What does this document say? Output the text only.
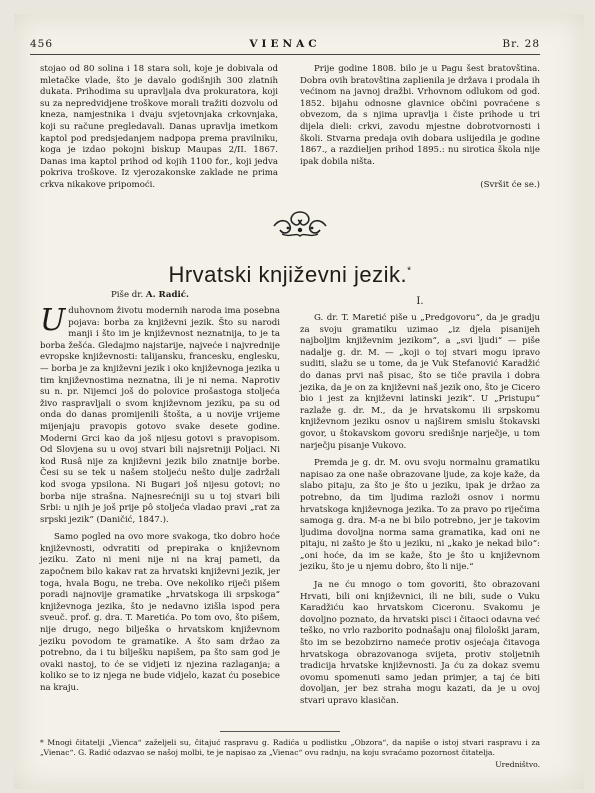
456	VIENAC	Br. 28

stojao od 80 solina i 18 stara soli, koje je dobivala od mletačke vlade, što je davalo godišnjih 300 zlatnih dukata. Prihodima su upravljala dva prokuratora, koji su za nepredvidjene troškove morali tražiti dozvolu od kneza, namjestnika i dvaju svjetovnjaka crkovnjaka, koji su račune pregledavali. Danas upravlja imetkom kaptol pod predsjedanjem nadpopa prema pravilniku, koga je izdao pokojni biskup Maupas 2/II. 1867. Danas ima kaptol prihod od kojih 1100 for., koji jedva pokriva troškove. Iz vjerozakonske zaklade ne prima crkva nikakove pripomoći.

Prije godine 1808. bilo je u Pagu šest bratovština. Dobra ovih bratovština zaplienila je država i prodala ih većinom na javnoj dražbi. Vrhovnom odlukom od god. 1852. bijahu odnosne glavnice občini povraćene s obvezom, da s njima upravlja i čiste prihode u tri dijela dieli: crkvi, zavodu mjestne dobrotvornosti i školi. Stvarna predaja ovih dobara uslijedila je godine 1867., a razdieljen prihod 1895.: nu sirotica škola nije ipak dobila ništa.

(Svršit će se.)
Hrvatski književni jezik.*
Piše dr. A. Radić.
I.

Uduhovnom životu modernih naroda ima posebna pojava: borba za književni jezik. Što su narodi manji i što im je književnost neznatnija, to je ta borba žešća. Gledajmo najstarije, najveće i najvrednije evropske književnosti: talijansku, francesku, englesku, — borba je za književni jezik i oko književnoga jezika u tim književnostima neznatna, ili je ni nema. Naprotiv su n. pr. Nijemci još do polovice prošastoga stoljeća živo raspravljali o svom književnom jeziku, pa su od onda do danas promijenili štošta, a u novije vrijeme mijenjaju pravopis gotovo svake desete godine. Moderni Grci kao da još nijesu gotovi s pravopisom. Od Slovjena su u ovoj stvari bili najsretniji Poljaci. Ni kod Rusâ nije za književni jezik bilo znatnije borbe. Česi su se tek u našem stoljeću nešto dulje zadržali kod svoga ypsilona. Ni Bugari još nijesu gotovi; no borba nije strašna. Najnesrećniji su u toj stvari bili Srbi: u njih je još prije pô stoljeća vladao pravi „rat za srpski jezik“ (Daničić, 1847.).

Samo pogled na ovo more svakoga, tko dobro hoće književnosti, odvratiti od prepiraka o književnom jeziku. Zato ni meni nije ni na kraj pameti, da započnem bilo kakav rat za hrvatski književni jezik, jer toga, hvala Bogu, ne treba. Ove nekoliko riječi pišem poradi najnovije gramatike „hrvatskoga ili srpskoga“ književnoga jezika, što je nedavno izišla ispod pera sveuč. prof. g. dra. T. Maretića. Po tom ovo, što pišem, nije drugo, nego bilješka o hrvatskom književnom jeziku povodom te gramatike. A što sam držao za potrebno, da i tu bilješku napišem, pa što sam god je ovaki nastoj, to će se vidjeti iz njezina razlaganja; a koliko se to iz njega ne bude vidjelo, kazat ću posebice na kraju.

G. dr. T. Maretić piše u „Predgovoru“, da je gradju za svoju gramatiku uzimao „iz djela pisanijeh najboljim književnim jezikom“, a „svi ljudi“ — piše nadalje g. dr. M. — „koji o toj stvari mogu ipravo suditi, slažu se u tome, da je Vuk Stefanović Karadžić do danas prvi naš pisac, što se tiče pravila i dobra jezika, da je on za književni naš jezik ono, što je Cicero bio i jest za književni latinski jezik“. U „Pristupu“ razlaže g. dr. M., da je hrvatskomu ili srpskomu književnom jeziku osnov u najširem smislu štokavski govor, u štokavskom govoru središnje narječje, u tom narječju pisanje Vukovo.

Premda je g. dr. M. ovu svoju normalnu gramatiku napisao za one naše obrazovane ljude, za koje kaže, da slabo pitaju, za što je što u jeziku, ipak je držao za potrebno, da tim ljudima razloži osnov i normu hrvatskoga književnoga jezika. To za pravo po riječima samoga g. dra. M-a ne bi bilo potrebno, jer je takovim ljudima dovoljna norma sama gramatika, kad oni ne pitaju, ni zašto je što u jeziku, ni „kako je nekad bilo“: „oni hoće, da im se kaže, što je što u književnom jeziku, što je u njemu dobro, što li nije.“

Ja ne ću mnogo o tom govoriti, što obrazovani Hrvati, bili oni književnici, ili ne bili, sude o Vuku Karadžiću kao hrvatskom Ciceronu. Svakomu je dovoljno poznato, da hrvatski pisci i čitaoci odavna već teško, no vrlo razborito podnašaju onaj filološki jaram, što im se bezobzirno nameće protiv osjećaja čitavoga hrvatskoga obrazovanoga svijeta, protiv stoljetnih tradicija hrvatske književnosti. Ja ću za dokaz svemu ovomu spomenuti samo jedan primjer, a taj će biti dovoljan, jer bez straha mogu kazati, da je u ovoj stvari upravo klasičan.

* Mnogi čitatelji „Vienca“ zaželjeli su, čitajuć raspravu g. Radića u podlistku „Obzora“, da napiše o istoj stvari raspravu i za „Vienac“. G. Radić odazvao se našoj molbi, te je napisao za „Vienac“ ovu radnju, na koju svraćamo pozornost čitatelja.
Uredništvo.
